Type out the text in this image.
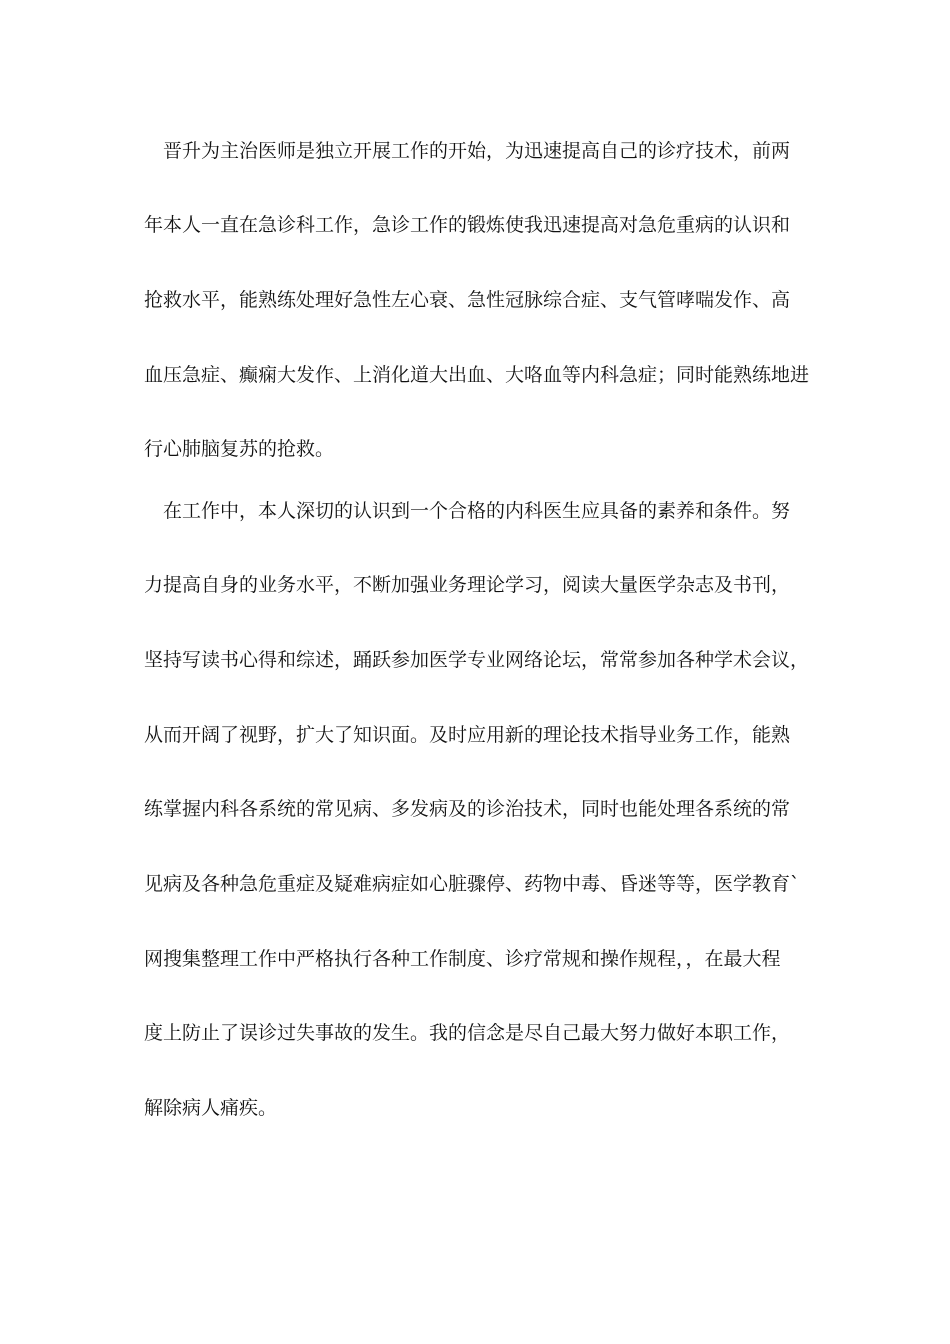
晋升为主治医师是独立开展工作的开始，为迅速提高自己的诊疗技术，前两
年本人一直在急诊科工作，急诊工作的锻炼使我迅速提高对急危重病的认识和
抢救水平，能熟练处理好急性左心衰、急性冠脉综合症、支气管哮喘发作、高
血压急症、癫痫大发作、上消化道大出血、大咯血等内科急症；同时能熟练地进
行心肺脑复苏的抢救。
在工作中，本人深切的认识到一个合格的内科医生应具备的素养和条件。努
力提高自身的业务水平，不断加强业务理论学习，阅读大量医学杂志及书刊，
坚持写读书心得和综述，踊跃参加医学专业网络论坛，常常参加各种学术会议，
从而开阔了视野，扩大了知识面。及时应用新的理论技术指导业务工作，能熟
练掌握内科各系统的常见病、多发病及的诊治技术，同时也能处理各系统的常
见病及各种急危重症及疑难病症如心脏骤停、药物中毒、昏迷等等，医学教育`
网搜集整理工作中严格执行各种工作制度、诊疗常规和操作规程，，在最大程
度上防止了误诊过失事故的发生。我的信念是尽自己最大努力做好本职工作，
解除病人痛疾。
